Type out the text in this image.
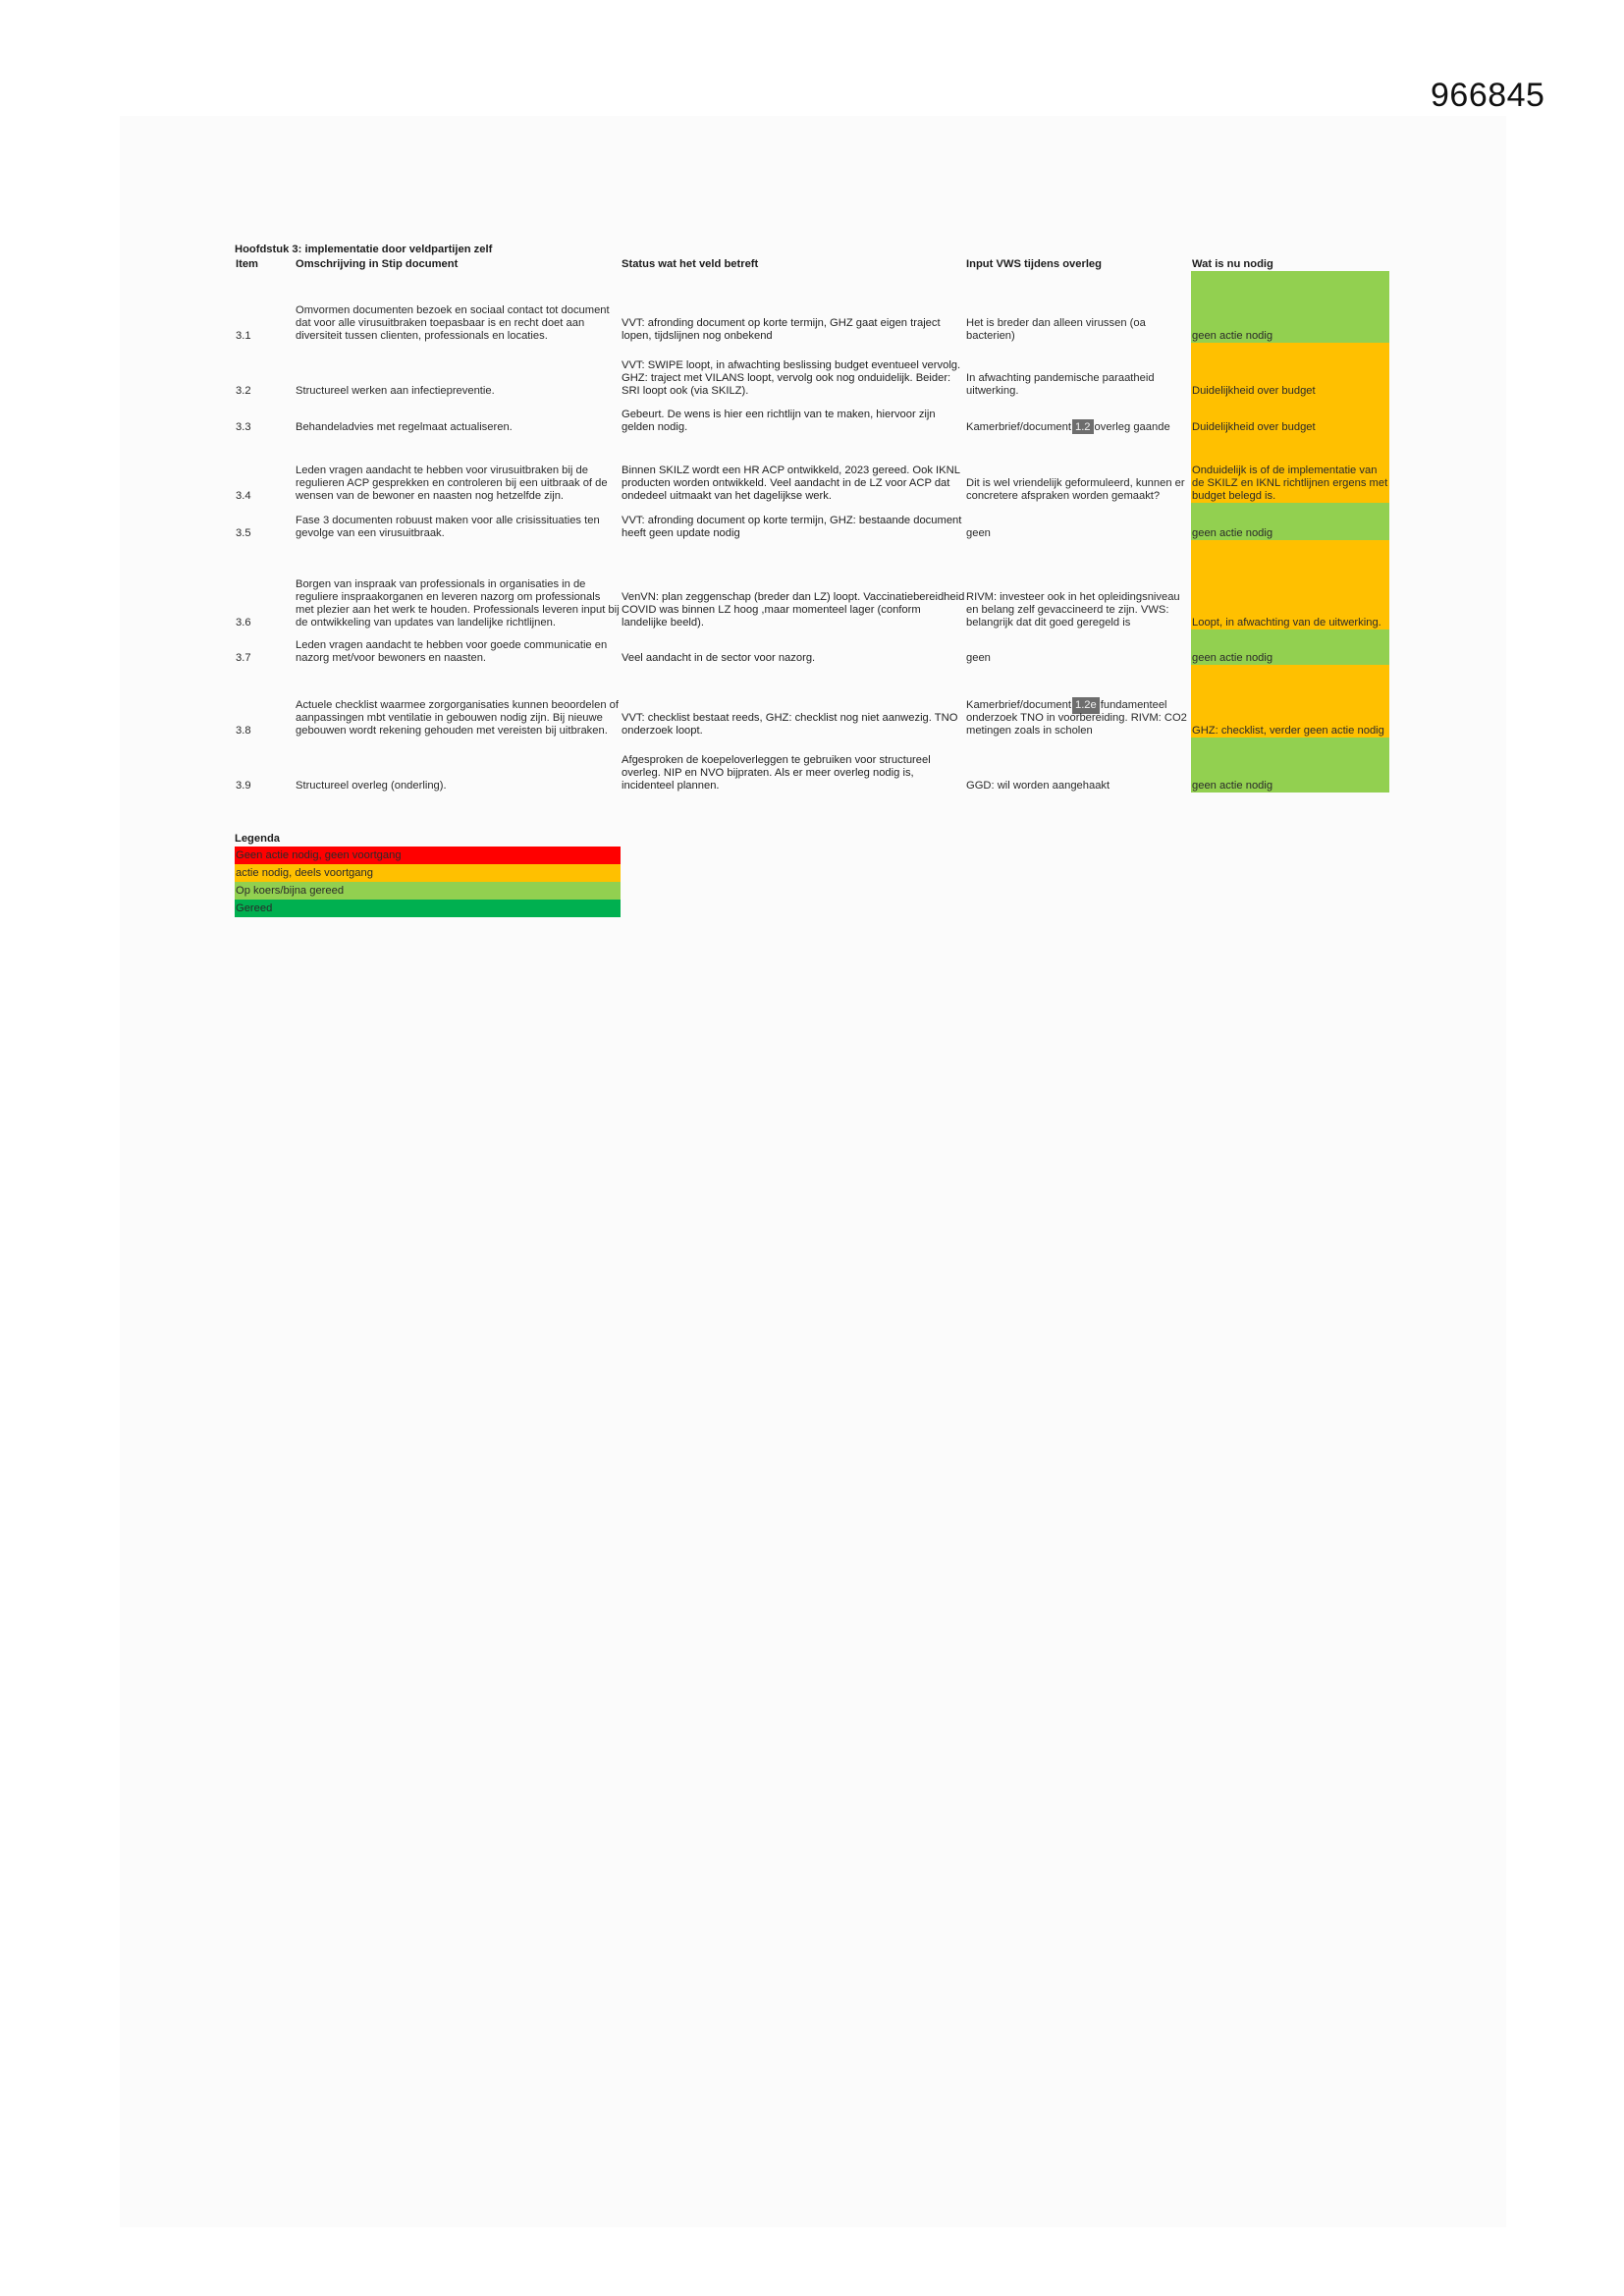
966845
Hoofdstuk 3: implementatie door veldpartijen zelf
Item	Omschrijving in Stip document	Status wat het veld betreft	Input VWS tijdens overleg	Wat is nu nodig
3.1	Omvormen documenten bezoek en sociaal contact tot document dat voor alle virusuitbraken toepasbaar is en recht doet aan diversiteit tussen clienten, professionals en locaties.	VVT: afronding document op korte termijn, GHZ gaat eigen traject lopen, tijdslijnen nog onbekend	Het is breder dan alleen virussen (oa bacterien)	geen actie nodig
3.2	Structureel werken aan infectiepreventie.	VVT: SWIPE loopt, in afwachting beslissing budget eventueel vervolg. GHZ: traject met VILANS loopt, vervolg ook nog onduidelijk. Beider: SRI loopt ook (via SKILZ).	In afwachting pandemische paraatheid uitwerking.	Duidelijkheid over budget
3.3	Behandeladvies met regelmaat actualiseren.	Gebeurt. De wens is hier een richtlijn van te maken, hiervoor zijn gelden nodig.	Kamerbrief/document 1.2 overleg gaande	Duidelijkheid over budget
3.4	Leden vragen aandacht te hebben voor virusuitbraken bij de regulieren ACP gesprekken en controleren bij een uitbraak of de wensen van de bewoner en naasten nog hetzelfde zijn.	Binnen SKILZ wordt een HR ACP ontwikkeld, 2023 gereed. Ook IKNL producten worden ontwikkeld. Veel aandacht in de LZ voor ACP dat ondedeel uitmaakt van het dagelijkse werk.	Dit is wel vriendelijk geformuleerd, kunnen er concretere afspraken worden gemaakt?	Onduidelijk is of de implementatie van de SKILZ en IKNL richtlijnen ergens met budget belegd is.
3.5	Fase 3 documenten robuust maken voor alle crisissituaties ten gevolge van een virusuitbraak.	VVT: afronding document op korte termijn, GHZ: bestaande document heeft geen update nodig	geen	geen actie nodig
3.6	Borgen van inspraak van professionals in organisaties in de reguliere inspraakorganen en leveren nazorg om professionals met plezier aan het werk te houden. Professionals leveren input bij de ontwikkeling van updates van landelijke richtlijnen.	VenVN: plan zeggenschap (breder dan LZ) loopt. Vaccinatiebereidheid COVID was binnen LZ hoog ,maar momenteel lager (conform landelijke beeld).	RIVM: investeer ook in het opleidingsniveau en belang zelf gevaccineerd te zijn. VWS: belangrijk dat dit goed geregeld is	Loopt, in afwachting van de uitwerking.
3.7	Leden vragen aandacht te hebben voor goede communicatie en nazorg met/voor bewoners en naasten.	Veel aandacht in de sector voor nazorg.	geen	geen actie nodig
3.8	Actuele checklist waarmee zorgorganisaties kunnen beoordelen of aanpassingen mbt ventilatie in gebouwen nodig zijn. Bij nieuwe gebouwen wordt rekening gehouden met vereisten bij uitbraken.	VVT: checklist bestaat reeds, GHZ: checklist nog niet aanwezig. TNO onderzoek loopt.	Kamerbrief/document 1.2e fundamenteel onderzoek TNO in voorbereiding. RIVM: CO2 metingen zoals in scholen	GHZ: checklist, verder geen actie nodig
3.9	Structureel overleg (onderling).	Afgesproken de koepeloverleggen te gebruiken voor structureel overleg. NIP en NVO bijpraten. Als er meer overleg nodig is, incidenteel plannen.	GGD: wil worden aangehaakt	geen actie nodig
Legenda
Geen actie nodig, geen voortgang
actie nodig, deels voortgang
Op koers/bijna gereed
Gereed
